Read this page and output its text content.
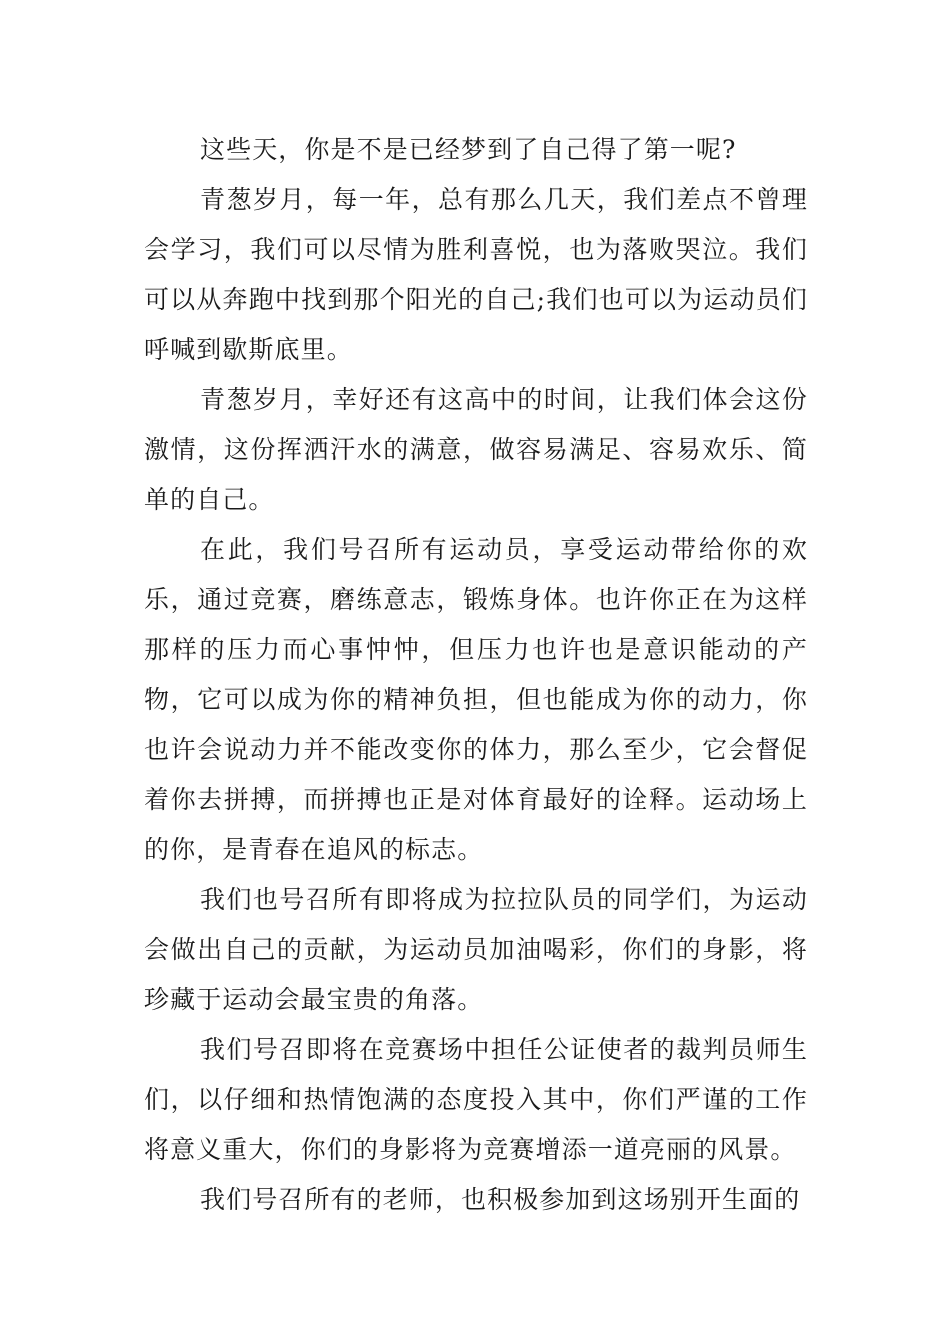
这些天，你是不是已经梦到了自己得了第一呢?

青葱岁月，每一年，总有那么几天，我们差点不曾理会学习，我们可以尽情为胜利喜悦，也为落败哭泣。我们可以从奔跑中找到那个阳光的自己;我们也可以为运动员们呼喊到歇斯底里。

青葱岁月，幸好还有这高中的时间，让我们体会这份激情，这份挥洒汗水的满意，做容易满足、容易欢乐、简单的自己。

在此，我们号召所有运动员，享受运动带给你的欢乐，通过竞赛，磨练意志，锻炼身体。也许你正在为这样那样的压力而心事忡忡，但压力也许也是意识能动的产物，它可以成为你的精神负担，但也能成为你的动力，你也许会说动力并不能改变你的体力，那么至少，它会督促着你去拼搏，而拼搏也正是对体育最好的诠释。运动场上的你，是青春在追风的标志。

我们也号召所有即将成为拉拉队员的同学们，为运动会做出自己的贡献，为运动员加油喝彩，你们的身影，将珍藏于运动会最宝贵的角落。

我们号召即将在竞赛场中担任公证使者的裁判员师生们，以仔细和热情饱满的态度投入其中，你们严谨的工作将意义重大，你们的身影将为竞赛增添一道亮丽的风景。

我们号召所有的老师，也积极参加到这场别开生面的
